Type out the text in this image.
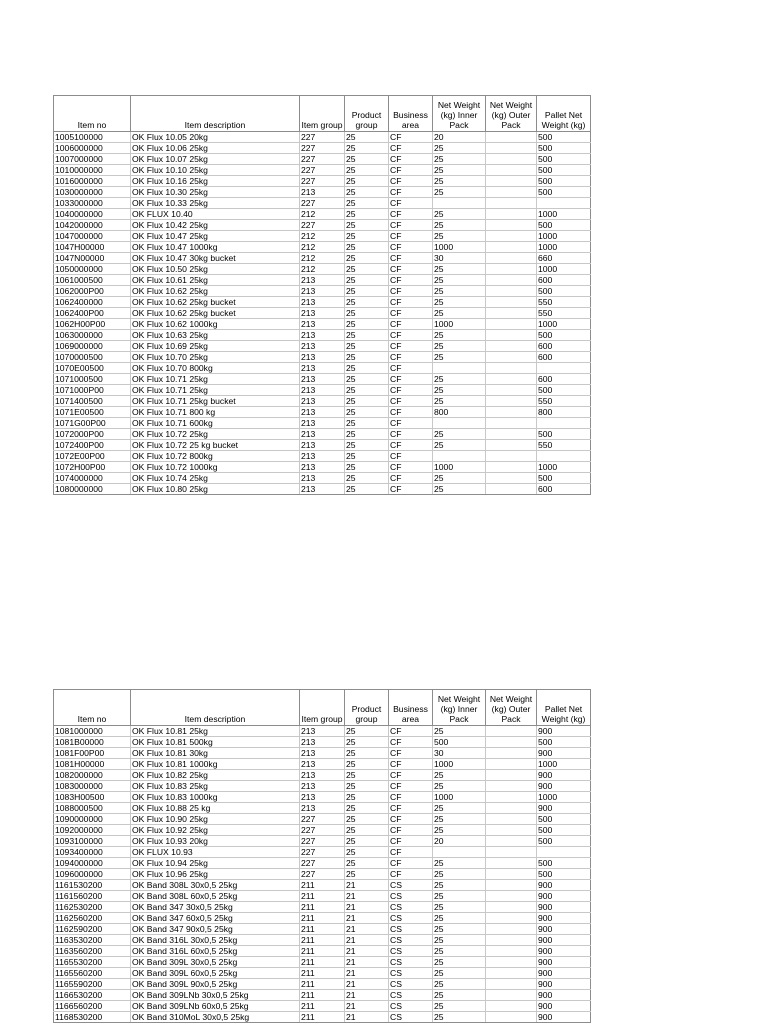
Item no	Item description	Item group	Product group	Business area	Net Weight (kg) Inner Pack	Net Weight (kg) Outer Pack	Pallet Net Weight (kg)
1005100000	OK Flux 10.05 20kg	227	25	CF	20		500
1006000000	OK Flux 10.06 25kg	227	25	CF	25		500
1007000000	OK Flux 10.07 25kg	227	25	CF	25		500
1010000000	OK Flux 10.10 25kg	227	25	CF	25		500
1016000000	OK Flux 10.16 25kg	227	25	CF	25		500
1030000000	OK Flux 10.30 25kg	213	25	CF	25		500
1033000000	OK Flux 10.33 25kg	227	25	CF			
1040000000	OK FLUX 10.40	212	25	CF	25		1000
1042000000	OK Flux 10.42 25kg	227	25	CF	25		500
1047000000	OK Flux 10.47 25kg	212	25	CF	25		1000
1047H00000	OK Flux 10.47 1000kg	212	25	CF	1000		1000
1047N00000	OK Flux 10.47 30kg bucket	212	25	CF	30		660
1050000000	OK Flux 10.50 25kg	212	25	CF	25		1000
1061000500	OK Flux 10.61 25kg	213	25	CF	25		600
1062000P00	OK Flux 10.62 25kg	213	25	CF	25		500
1062400000	OK Flux 10.62 25kg bucket	213	25	CF	25		550
1062400P00	OK Flux 10.62 25kg bucket	213	25	CF	25		550
1062H00P00	OK Flux 10.62 1000kg	213	25	CF	1000		1000
1063000000	OK Flux 10.63 25kg	213	25	CF	25		500
1069000000	OK Flux 10.69 25kg	213	25	CF	25		600
1070000500	OK Flux 10.70 25kg	213	25	CF	25		600
1070E00500	OK Flux 10.70 800kg	213	25	CF			
1071000500	OK Flux 10.71 25kg	213	25	CF	25		600
1071000P00	OK Flux 10.71 25kg	213	25	CF	25		500
1071400500	OK Flux 10.71 25kg bucket	213	25	CF	25		550
1071E00500	OK Flux 10.71 800 kg	213	25	CF	800		800
1071G00P00	OK Flux 10.71 600kg	213	25	CF			
1072000P00	OK Flux 10.72 25kg	213	25	CF	25		500
1072400P00	OK Flux 10.72 25 kg bucket	213	25	CF	25		550
1072E00P00	OK Flux 10.72 800kg	213	25	CF			
1072H00P00	OK Flux 10.72 1000kg	213	25	CF	1000		1000
1074000000	OK Flux 10.74 25kg	213	25	CF	25		500
1080000000	OK Flux 10.80 25kg	213	25	CF	25		600
Item no	Item description	Item group	Product group	Business area	Net Weight (kg) Inner Pack	Net Weight (kg) Outer Pack	Pallet Net Weight (kg)
1081000000	OK Flux 10.81 25kg	213	25	CF	25		900
1081B00000	OK Flux 10.81 500kg	213	25	CF	500		500
1081F00P00	OK Flux 10.81 30kg	213	25	CF	30		900
1081H00000	OK Flux 10.81 1000kg	213	25	CF	1000		1000
1082000000	OK Flux 10.82 25kg	213	25	CF	25		900
1083000000	OK Flux 10.83 25kg	213	25	CF	25		900
1083H00500	OK Flux 10.83 1000kg	213	25	CF	1000		1000
1088000500	OK Flux 10.88 25 kg	213	25	CF	25		900
1090000000	OK Flux 10.90 25kg	227	25	CF	25		500
1092000000	OK Flux 10.92 25kg	227	25	CF	25		500
1093100000	OK Flux 10.93 20kg	227	25	CF	20		500
1093400000	OK FLUX 10.93	227	25	CF			
1094000000	OK Flux 10.94 25kg	227	25	CF	25		500
1096000000	OK Flux 10.96 25kg	227	25	CF	25		500
1161530200	OK Band 308L 30x0,5 25kg	211	21	CS	25		900
1161560200	OK Band 308L 60x0,5 25kg	211	21	CS	25		900
1162530200	OK Band 347 30x0,5 25kg	211	21	CS	25		900
1162560200	OK Band 347 60x0,5 25kg	211	21	CS	25		900
1162590200	OK Band 347 90x0,5 25kg	211	21	CS	25		900
1163530200	OK Band 316L 30x0,5 25kg	211	21	CS	25		900
1163560200	OK Band 316L 60x0,5 25kg	211	21	CS	25		900
1165530200	OK Band 309L 30x0,5 25kg	211	21	CS	25		900
1165560200	OK Band 309L 60x0,5 25kg	211	21	CS	25		900
1165590200	OK Band 309L 90x0,5 25kg	211	21	CS	25		900
1166530200	OK Band 309LNb 30x0,5 25kg	211	21	CS	25		900
1166560200	OK Band 309LNb 60x0,5 25kg	211	21	CS	25		900
1168530200	OK Band 310MoL 30x0,5 25kg	211	21	CS	25		900
